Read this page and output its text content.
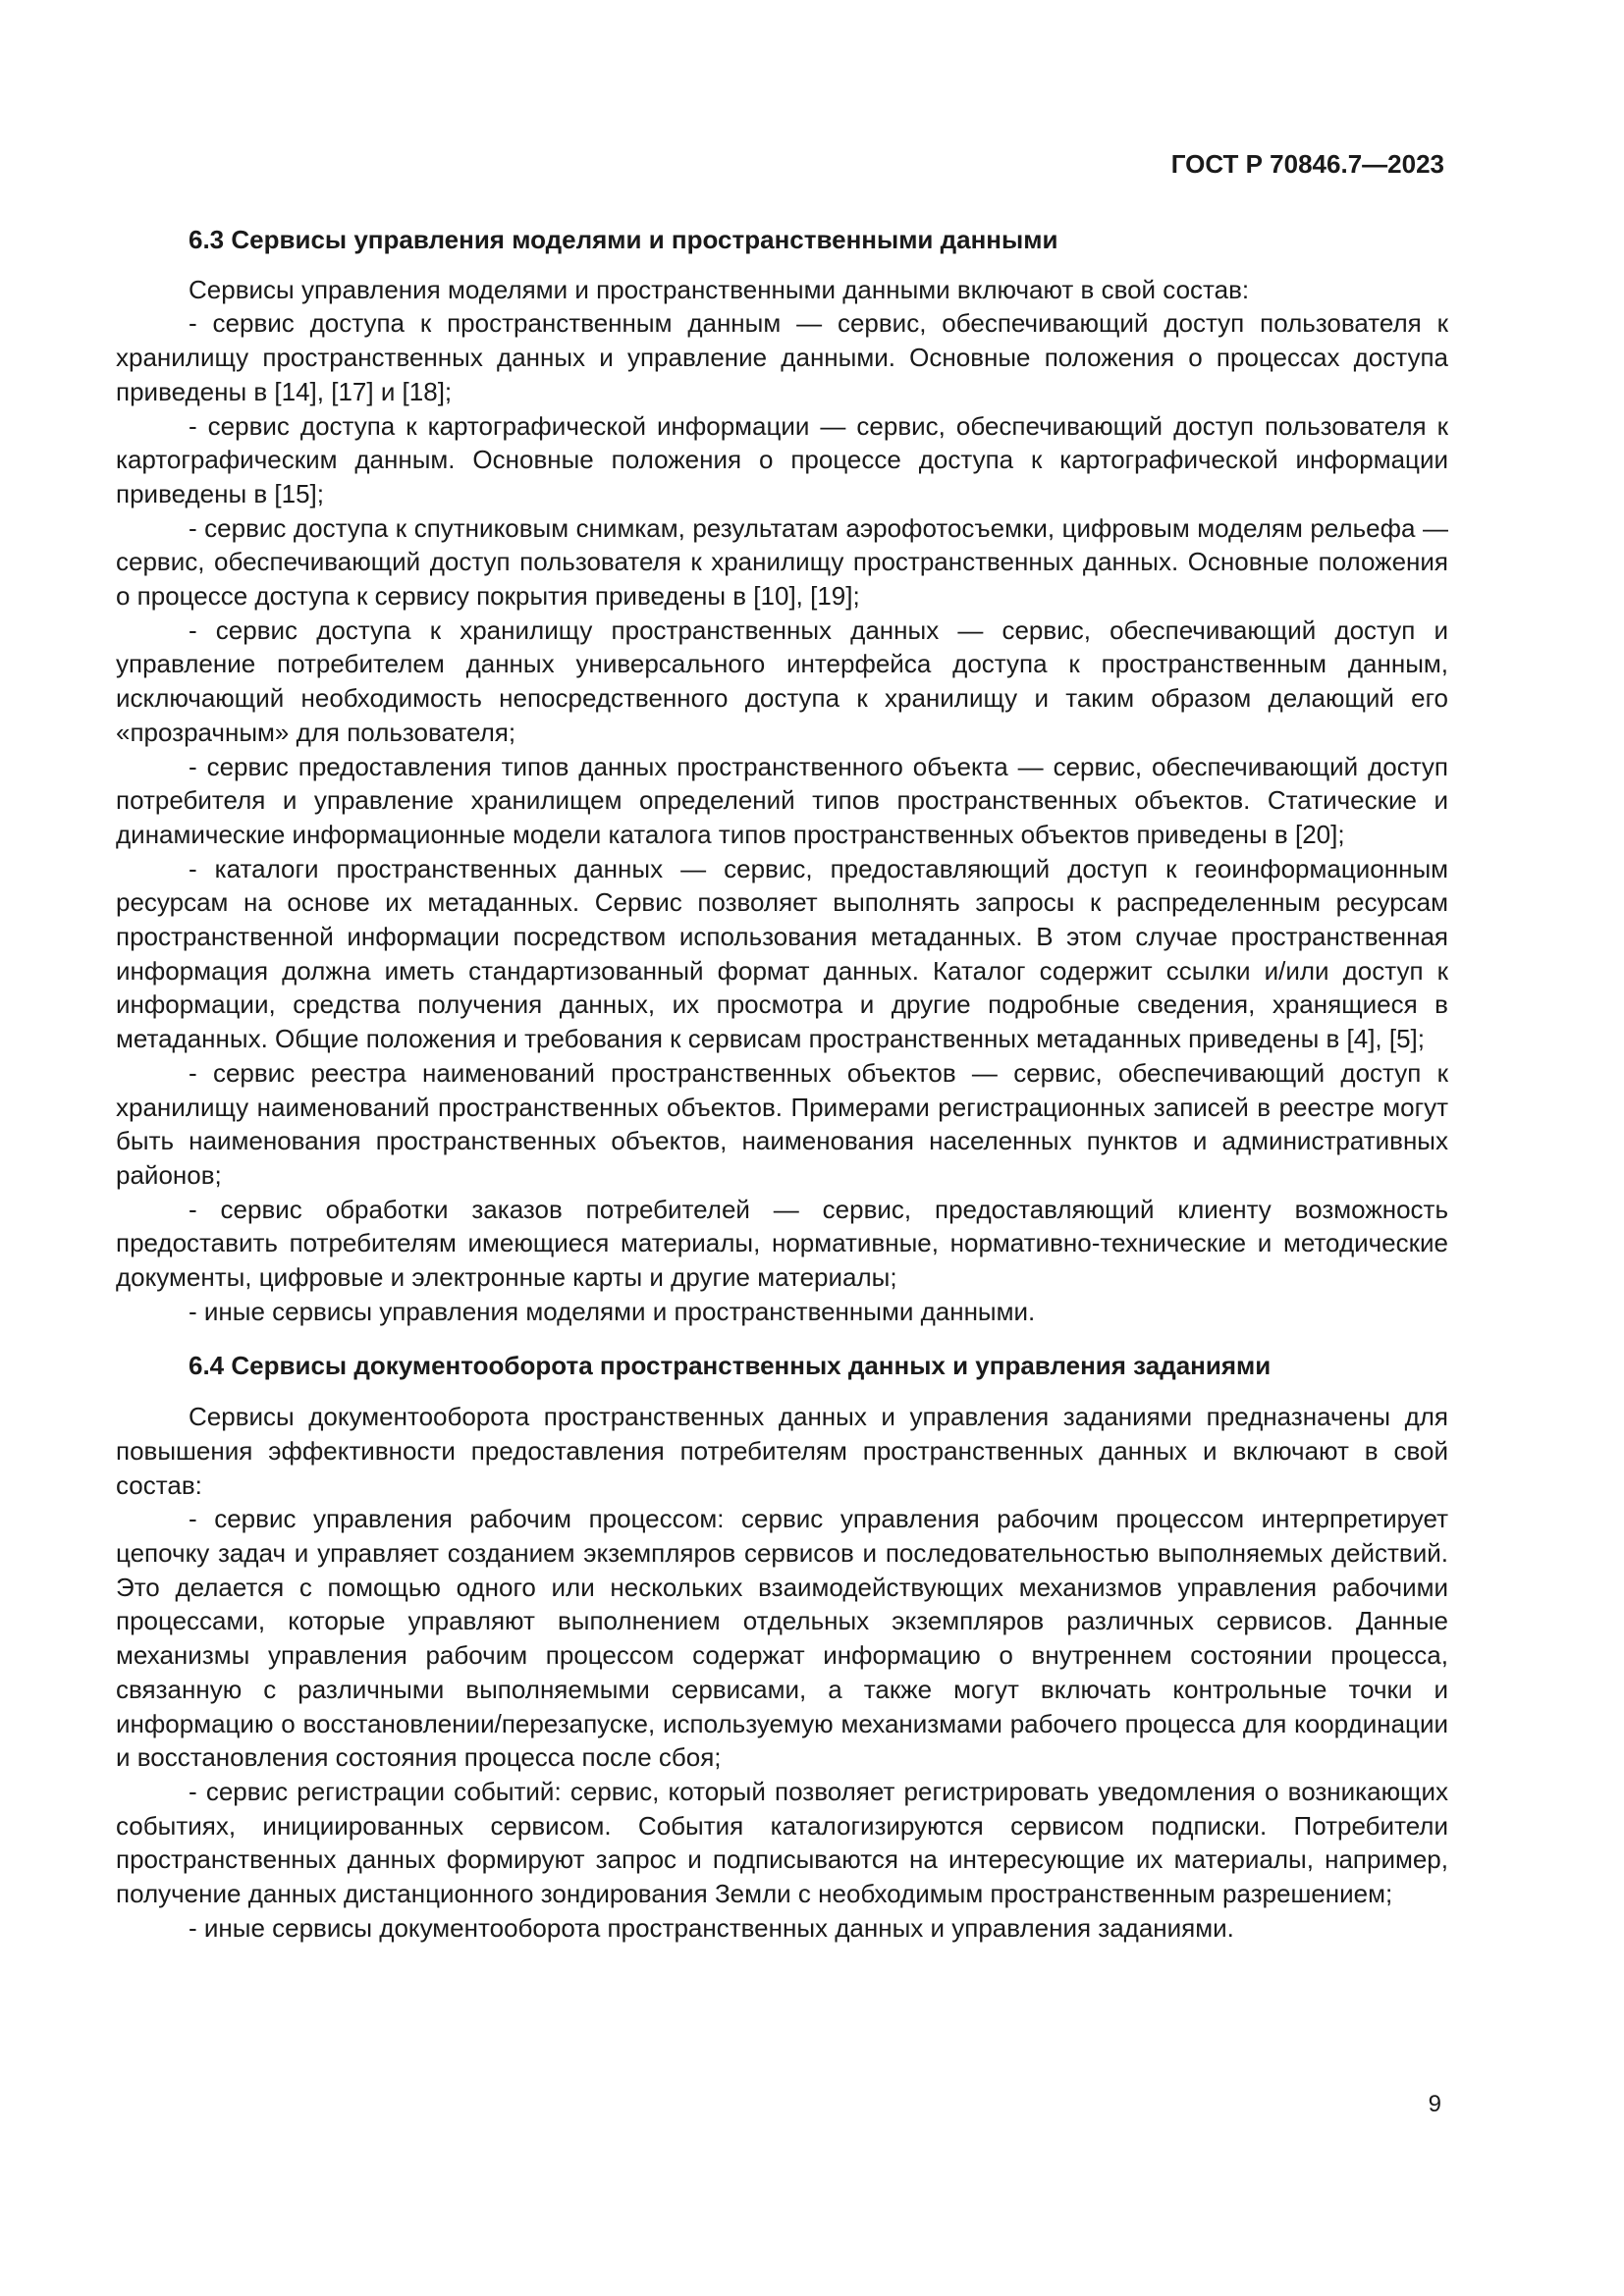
ГОСТ Р 70846.7—2023
6.3 Сервисы управления моделями и пространственными данными

Сервисы управления моделями и пространственными данными включают в свой состав:

- сервис доступа к пространственным данным — сервис, обеспечивающий доступ пользователя к хранилищу пространственных данных и управление данными. Основные положения о процессах доступа приведены в [14], [17] и [18];

- сервис доступа к картографической информации — сервис, обеспечивающий доступ пользователя к картографическим данным. Основные положения о процессе доступа к картографической информации приведены в [15];

- сервис доступа к спутниковым снимкам, результатам аэрофотосъемки, цифровым моделям рельефа — сервис, обеспечивающий доступ пользователя к хранилищу пространственных данных. Основные положения о процессе доступа к сервису покрытия приведены в [10], [19];

- сервис доступа к хранилищу пространственных данных — сервис, обеспечивающий доступ и управление потребителем данных универсального интерфейса доступа к пространственным данным, исключающий необходимость непосредственного доступа к хранилищу и таким образом делающий его «прозрачным» для пользователя;

- сервис предоставления типов данных пространственного объекта — сервис, обеспечивающий доступ потребителя и управление хранилищем определений типов пространственных объектов. Статические и динамические информационные модели каталога типов пространственных объектов приведены в [20];

- каталоги пространственных данных — сервис, предоставляющий доступ к геоинформационным ресурсам на основе их метаданных. Сервис позволяет выполнять запросы к распределенным ресурсам пространственной информации посредством использования метаданных. В этом случае пространственная информация должна иметь стандартизованный формат данных. Каталог содержит ссылки и/или доступ к информации, средства получения данных, их просмотра и другие подробные сведения, хранящиеся в метаданных. Общие положения и требования к сервисам пространственных метаданных приведены в [4], [5];

- сервис реестра наименований пространственных объектов — сервис, обеспечивающий доступ к хранилищу наименований пространственных объектов. Примерами регистрационных записей в реестре могут быть наименования пространственных объектов, наименования населенных пунктов и административных районов;

- сервис обработки заказов потребителей — сервис, предоставляющий клиенту возможность предоставить потребителям имеющиеся материалы, нормативные, нормативно-технические и методические документы, цифровые и электронные карты и другие материалы;

- иные сервисы управления моделями и пространственными данными.

6.4 Сервисы документооборота пространственных данных и управления заданиями

Сервисы документооборота пространственных данных и управления заданиями предназначены для повышения эффективности предоставления потребителям пространственных данных и включают в свой состав:

- сервис управления рабочим процессом: сервис управления рабочим процессом интерпретирует цепочку задач и управляет созданием экземпляров сервисов и последовательностью выполняемых действий. Это делается с помощью одного или нескольких взаимодействующих механизмов управления рабочими процессами, которые управляют выполнением отдельных экземпляров различных сервисов. Данные механизмы управления рабочим процессом содержат информацию о внутреннем состоянии процесса, связанную с различными выполняемыми сервисами, а также могут включать контрольные точки и информацию о восстановлении/перезапуске, используемую механизмами рабочего процесса для координации и восстановления состояния процесса после сбоя;

- сервис регистрации событий: сервис, который позволяет регистрировать уведомления о возникающих событиях, инициированных сервисом. События каталогизируются сервисом подписки. Потребители пространственных данных формируют запрос и подписываются на интересующие их материалы, например, получение данных дистанционного зондирования Земли с необходимым пространственным разрешением;

- иные сервисы документооборота пространственных данных и управления заданиями.

9
